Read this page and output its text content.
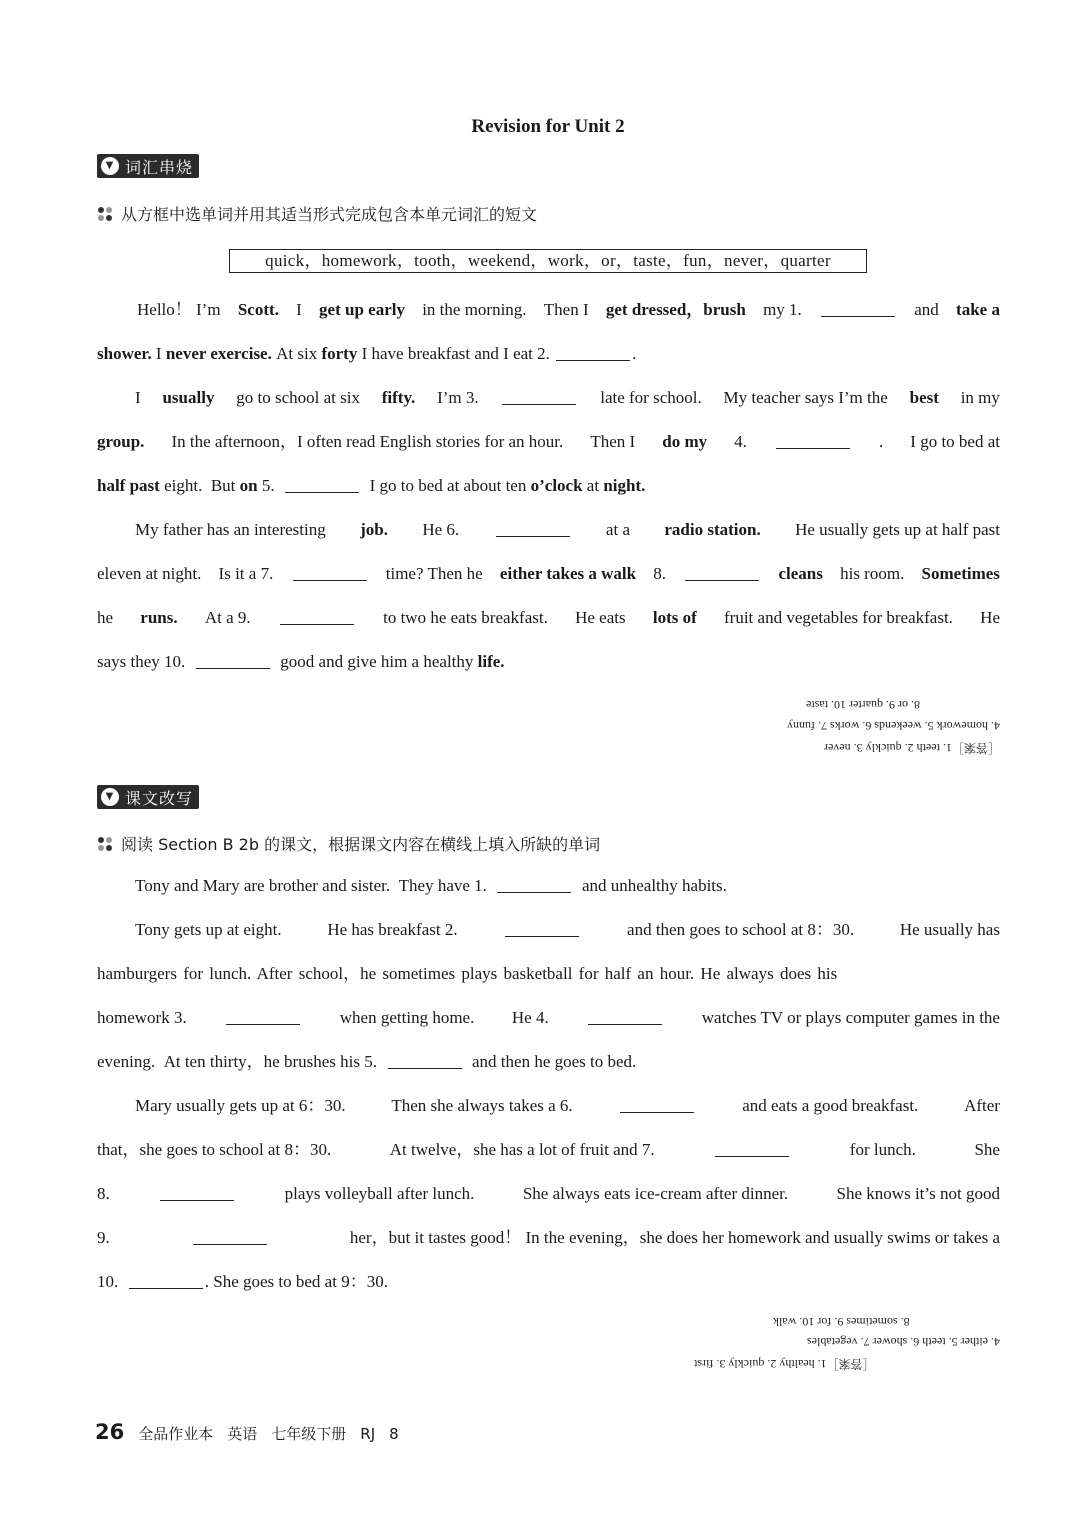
Revision for Unit 2
▼ 词汇串烧
从方框中选单词并用其适当形式完成包含本单元词汇的短文
quick，homework，tooth，weekend，work，or，taste，fun，never，quarter
Hello！ I’m Scott. I get up early in the morning. Then I get dressed，brush my 1.	and take a
shower.
I
never exercise.
At six
forty
I have breakfast and I eat 2.
	.
I usually go to school at six fifty. I’m 3.	late for school. My teacher says I’m the best in my
group. In the afternoon，I often read English stories for an hour. Then I do my 4.	. I go to bed at
half past
eight.
But
on
5.

	I go to bed at about ten
o’clock
at
night.
My father has an interesting job. He 6.	at a radio station. He usually gets up at half past
eleven at night. Is it a 7.	time? Then he either takes a walk 8.	cleans his room. Sometimes
he runs. At a 9.	to two he eats breakfast. He eats lots of fruit and vegetables for breakfast. He
says they 10.

	good and give him a healthy
life.
8. or 9. quarter 10. taste
4. homework 5. weekends 6. works 7. funny
［答案］1. teeth 2. quickly 3. never
▼ 课文改写
阅读 Section B 2b 的课文，根据课文内容在横线上填入所缺的单词
Tony and Mary are brother and sister.
They have 1.

	and unhealthy habits.
Tony gets up at eight.	He has breakfast 2.	and then goes to school at 8：30.	He usually has
hamburgers for lunch. After school，he sometimes plays basketball for half an hour. He always does his
homework 3.	when getting home. He 4.	watches TV or plays computer games in the
evening.
At ten thirty，he brushes his 5.

	and then he goes to bed.
Mary usually gets up at 6：30.	Then she always takes a 6.	and eats a good breakfast.	After
that，she goes to school at 8：30.	At twelve，she has a lot of fruit and 7.	for lunch.	She
8.	plays volleyball after lunch.	She always eats ice-cream after dinner.	She knows it’s not good
9.	her，but it tastes good！ In the evening，she does her homework and usually swims or takes a
10.
	.
She goes to bed at 9：30.
8. sometimes 9. for 10. walk
4. either 5. teeth 6. shower 7. vegetables
［答案］1. healthy 2. quickly 3. first
26 全品作业本 英语 七年级下册 RJ 8
